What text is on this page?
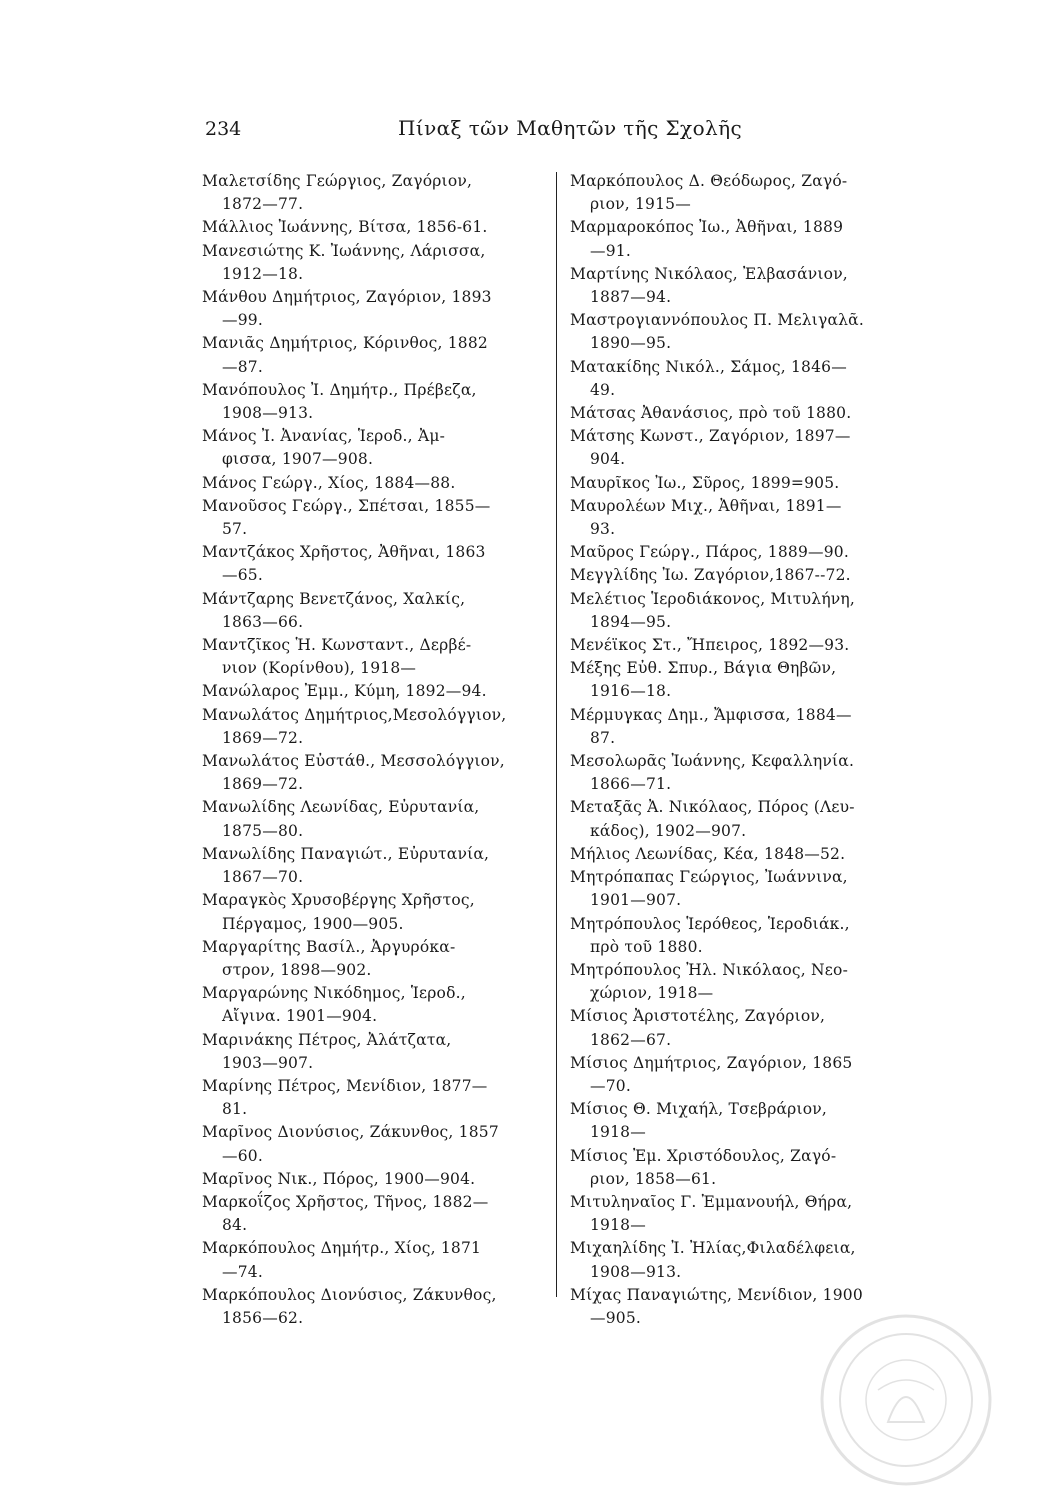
234	Πίναξ τῶν Μαθητῶν τῆς Σχολῆς

Μαλετσίδης Γεώργιος, Ζαγόριον,
1872—77.

Μάλλιος Ἰωάννης, Βίτσα, 1856-61.

Μανεσιώτης Κ. Ἰωάννης, Λάρισσα,
1912—18.

Μάνθου Δημήτριος, Ζαγόριον, 1893
—99.

Μανιᾶς Δημήτριος, Κόρινθος, 1882
—87.

Μανόπουλος Ἰ. Δημήτρ., Πρέβεζα,
1908—913.

Μάνος Ἰ. Ἀνανίας, Ἱεροδ., Ἀμ-
φισσα, 1907—908.

Μάνος Γεώργ., Χίος, 1884—88.

Μανοῦσος Γεώργ., Σπέτσαι, 1855—
57.

Μαντζάκος Χρῆστος, Ἀθῆναι, 1863
—65.

Μάντζαρης Βενετζάνος, Χαλκίς,
1863—66.

Μαντζῖκος Ἡ. Κωνσταντ., Δερβέ-
νιον (Κορίνθου), 1918—

Μανώλαρος Ἐμμ., Κύμη, 1892—94.

Μανωλάτος Δημήτριος,Μεσολόγγιον,
1869—72.

Μανωλάτος Εὐστάθ., Μεσσολόγγιον,
1869—72.

Μανωλίδης Λεωνίδας, Εὐρυτανία,
1875—80.

Μανωλίδης Παναγιώτ., Εὐρυτανία,
1867—70.

Μαραγκὸς Χρυσοβέργης Χρῆστος,
Πέργαμος, 1900—905.

Μαργαρίτης Βασίλ., Ἀργυρόκα-
στρον, 1898—902.

Μαργαρώνης Νικόδημος, Ἱεροδ.,
Αἴγινα. 1901—904.

Μαρινάκης Πέτρος, Ἀλάτζατα,
1903—907.

Μαρίνης Πέτρος, Μενίδιον, 1877—
81.

Μαρῖνος Διονύσιος, Ζάκυνθος, 1857
—60.

Μαρῖνος Νικ., Πόρος, 1900—904.

Μαρκοΐζος Χρῆστος, Τῆνος, 1882—
84.

Μαρκόπουλος Δημήτρ., Χίος, 1871
—74.

Μαρκόπουλος Διονύσιος, Ζάκυνθος,
1856—62.

Μαρκόπουλος Δ. Θεόδωρος, Ζαγό-
ριον, 1915—

Μαρμαροκόπος Ἰω., Ἀθῆναι, 1889
—91.

Μαρτίνης Νικόλαος, Ἐλβασάνιον,
1887—94.

Μαστρογιαννόπουλος Π. Μελιγαλᾶ.
1890—95.

Ματακίδης Νικόλ., Σάμος, 1846—
49.

Μάτσας Ἀθανάσιος, πρὸ τοῦ 1880.

Μάτσης Κωνστ., Ζαγόριον, 1897—
904.

Μαυρῖκος Ἰω., Σῦρος, 1899=905.

Μαυρολέων Μιχ., Ἀθῆναι, 1891—
93.

Μαῦρος Γεώργ., Πάρος, 1889—90.

Μεγγλίδης Ἰω. Ζαγόριον,1867--72.

Μελέτιος Ἱεροδιάκονος, Μιτυλήνη,
1894—95.

Μενέϊκος Στ., Ἤπειρος, 1892—93.

Μέξης Εὐθ. Σπυρ., Βάγια Θηβῶν,
1916—18.

Μέρμυγκας Δημ., Ἄμφισσα, 1884—
87.

Μεσολωρᾶς Ἰωάννης, Κεφαλληνία.
1866—71.

Μεταξᾶς Ἀ. Νικόλαος, Πόρος (Λευ-
κάδος), 1902—907.

Μήλιος Λεωνίδας, Κέα, 1848—52.

Μητρόπαπας Γεώργιος, Ἰωάννινα,
1901—907.

Μητρόπουλος Ἱερόθεος, Ἱεροδιάκ.,
πρὸ τοῦ 1880.

Μητρόπουλος Ἠλ. Νικόλαος, Νεο-
χώριον, 1918—

Μίσιος Ἀριστοτέλης, Ζαγόριον,
1862—67.

Μίσιος Δημήτριος, Ζαγόριον, 1865
—70.

Μίσιος Θ. Μιχαήλ, Τσεβράριον,
1918—

Μίσιος Ἐμ. Χριστόδουλος, Ζαγό-
ριον, 1858—61.

Μιτυληναῖος Γ. Ἐμμανουήλ, Θήρα,
1918—

Μιχαηλίδης Ἰ. Ἠλίας,Φιλαδέλφεια,
1908—913.

Μίχας Παναγιώτης, Μενίδιον, 1900
—905.
